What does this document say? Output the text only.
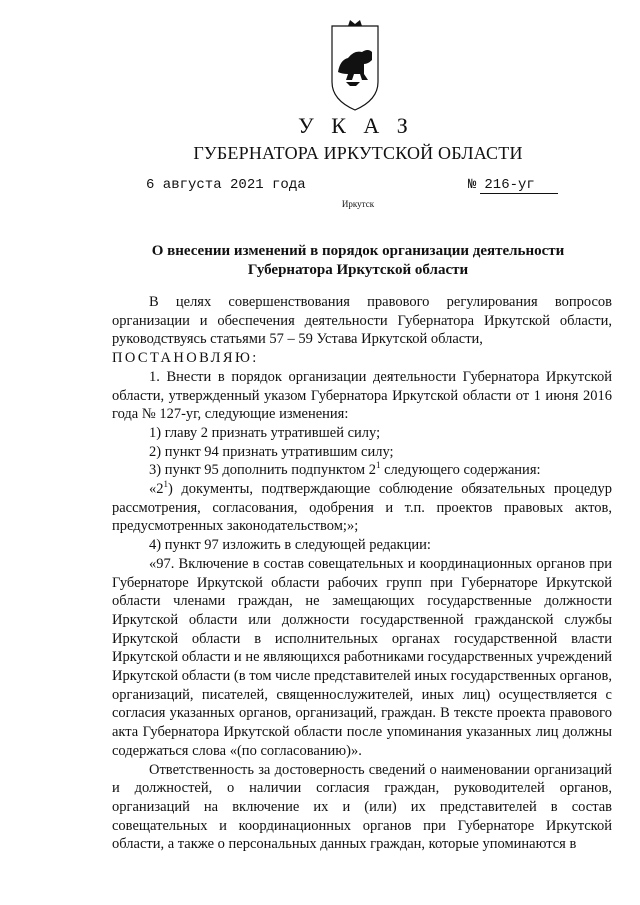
У К А З
ГУБЕРНАТОРА ИРКУТСКОЙ ОБЛАСТИ
6 августа 2021 года	№ 216-уг
Иркутск
О внесении изменений в порядок организации деятельности
Губернатора Иркутской области

В целях совершенствования правового регулирования вопросов организации и обеспечения деятельности Губернатора Иркутской области, руководствуясь статьями 57 – 59 Устава Иркутской области,

ПОСТАНОВЛЯЮ:

1. Внести в порядок организации деятельности Губернатора Иркутской области, утвержденный указом Губернатора Иркутской области от 1 июня 2016 года № 127-уг, следующие изменения:

1) главу 2 признать утратившей силу;

2) пункт 94 признать утратившим силу;

3) пункт 95 дополнить подпунктом $2^1$ следующего содержания:

«$2^1$) документы, подтверждающие соблюдение обязательных процедур рассмотрения, согласования, одобрения и т.п. проектов правовых актов, предусмотренных законодательством;»;

4) пункт 97 изложить в следующей редакции:

«97. Включение в состав совещательных и координационных органов при Губернаторе Иркутской области рабочих групп при Губернаторе Иркутской области членами граждан, не замещающих государственные должности Иркутской области или должности государственной гражданской службы Иркутской области в исполнительных органах государственной власти Иркутской области и не являющихся работниками государственных учреждений Иркутской области (в том числе представителей иных государственных органов, организаций, писателей, священнослужителей, иных лиц) осуществляется с согласия указанных органов, организаций, граждан. В тексте проекта правового акта Губернатора Иркутской области после упоминания указанных лиц должны содержаться слова «(по согласованию)».

Ответственность за достоверность сведений о наименовании организаций и должностей, о наличии согласия граждан, руководителей органов, организаций на включение их и (или) их представителей в состав совещательных и координационных органов при Губернаторе Иркутской области, а также о персональных данных граждан, которые упоминаются в
